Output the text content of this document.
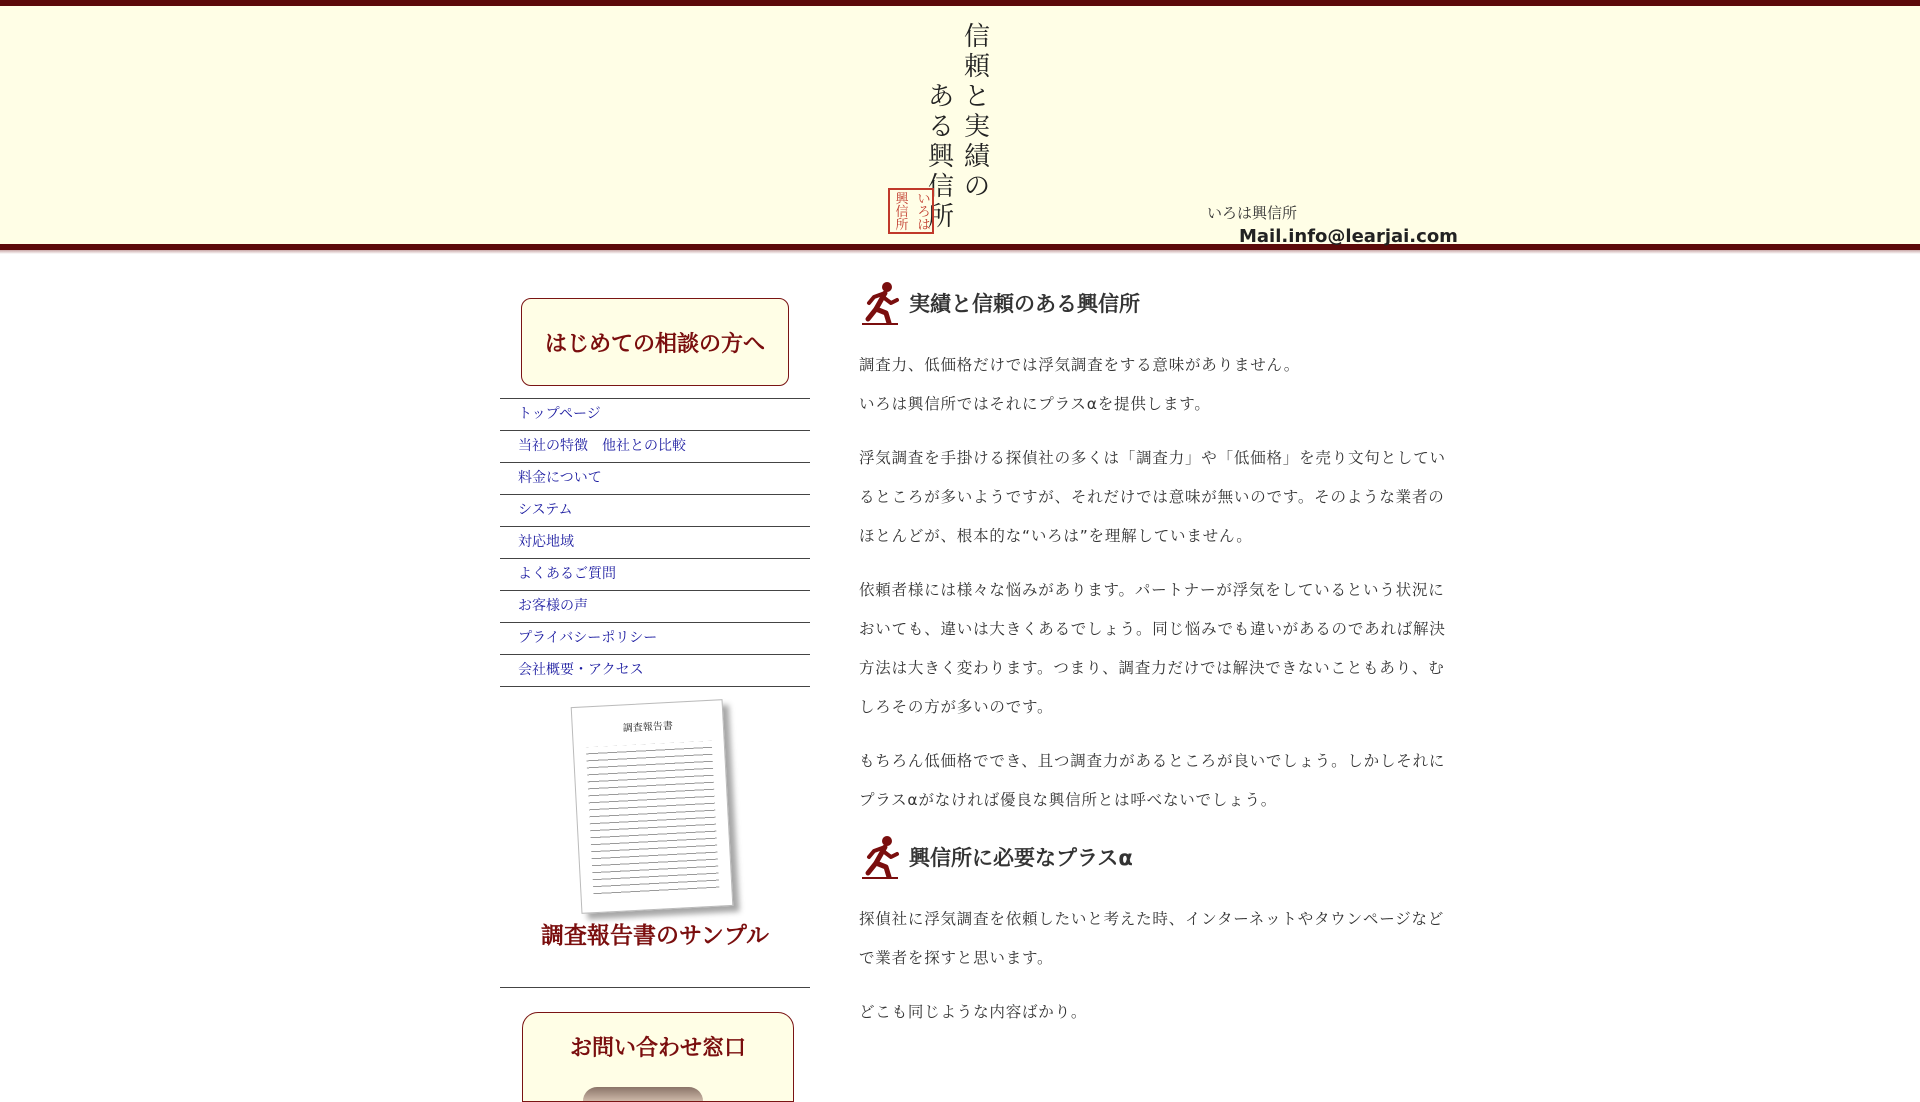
信
頼
と
実
績
の
あ
る
興
信
所
い
ろ
は
興
信
所
いろは興信所
Mail.info@learjai.com
はじめての相談の方へ
トップページ
当社の特徴　他社との比較
料金について
システム
対応地域
よくあるご質問
お客様の声
プライバシーポリシー
会社概要・アクセス
調査報告書
調査報告書のサンプル
お問い合わせ窓口
実績と信頼のある興信所

調査力、低価格だけでは浮気調査をする意味がありません。

いろは興信所ではそれにプラスαを提供します。

浮気調査を手掛ける探偵社の多くは「調査力」や「低価格」を売り文句としているところが多いようですが、それだけでは意味が無いのです。そのような業者のほとんどが、根本的な“いろは”を理解していません。

依頼者様には様々な悩みがあります。パートナーが浮気をしているという状況においても、違いは大きくあるでしょう。同じ悩みでも違いがあるのであれば解決方法は大きく変わります。つまり、調査力だけでは解決できないこともあり、むしろその方が多いのです。

もちろん低価格ででき、且つ調査力があるところが良いでしょう。しかしそれにプラスαがなければ優良な興信所とは呼べないでしょう。

興信所に必要なプラスα

探偵社に浮気調査を依頼したいと考えた時、インターネットやタウンページなどで業者を探すと思います。

どこも同じような内容ばかり。
